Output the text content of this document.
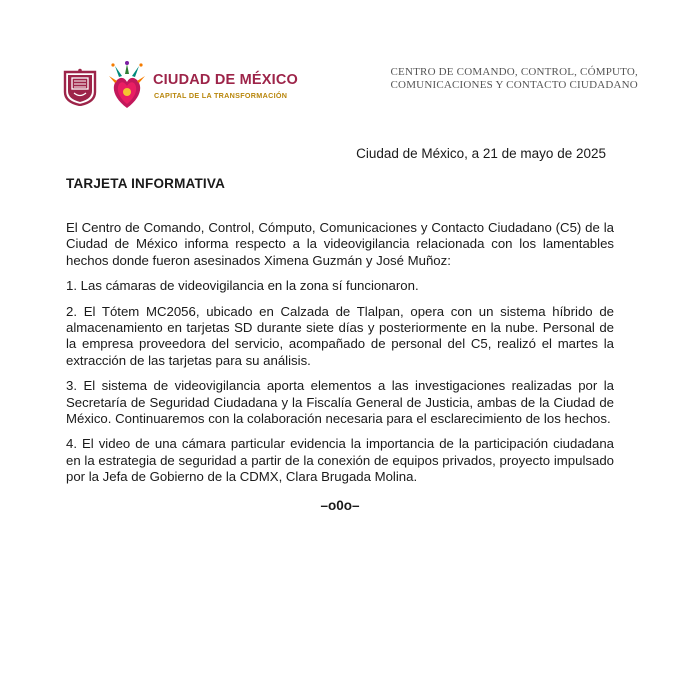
CIUDAD DE MÉXICO
CAPITAL DE LA TRANSFORMACIÓN
CENTRO DE COMANDO, CONTROL, CÓMPUTO,
COMUNICACIONES Y CONTACTO CIUDADANO
Ciudad de México, a 21 de mayo de 2025
TARJETA INFORMATIVA

El Centro de Comando, Control, Cómputo, Comunicaciones y Contacto Ciudadano (C5) de la Ciudad de México informa respecto a la videovigilancia relacionada con los lamentables hechos donde fueron asesinados Ximena Guzmán y José Muñoz:

1. Las cámaras de videovigilancia en la zona sí funcionaron.

2. El Tótem MC2056, ubicado en Calzada de Tlalpan, opera con un sistema híbrido de almacenamiento en tarjetas SD durante siete días y posteriormente en la nube. Personal de la empresa proveedora del servicio, acompañado de personal del C5, realizó el martes la extracción de las tarjetas para su análisis.

3. El sistema de videovigilancia aporta elementos a las investigaciones realizadas por la Secretaría de Seguridad Ciudadana y la Fiscalía General de Justicia, ambas de la Ciudad de México. Continuaremos con la colaboración necesaria para el esclarecimiento de los hechos.

4. El video de una cámara particular evidencia la importancia de la participación ciudadana en la estrategia de seguridad a partir de la conexión de equipos privados, proyecto impulsado por la Jefa de Gobierno de la CDMX, Clara Brugada Molina.

–o0o–
